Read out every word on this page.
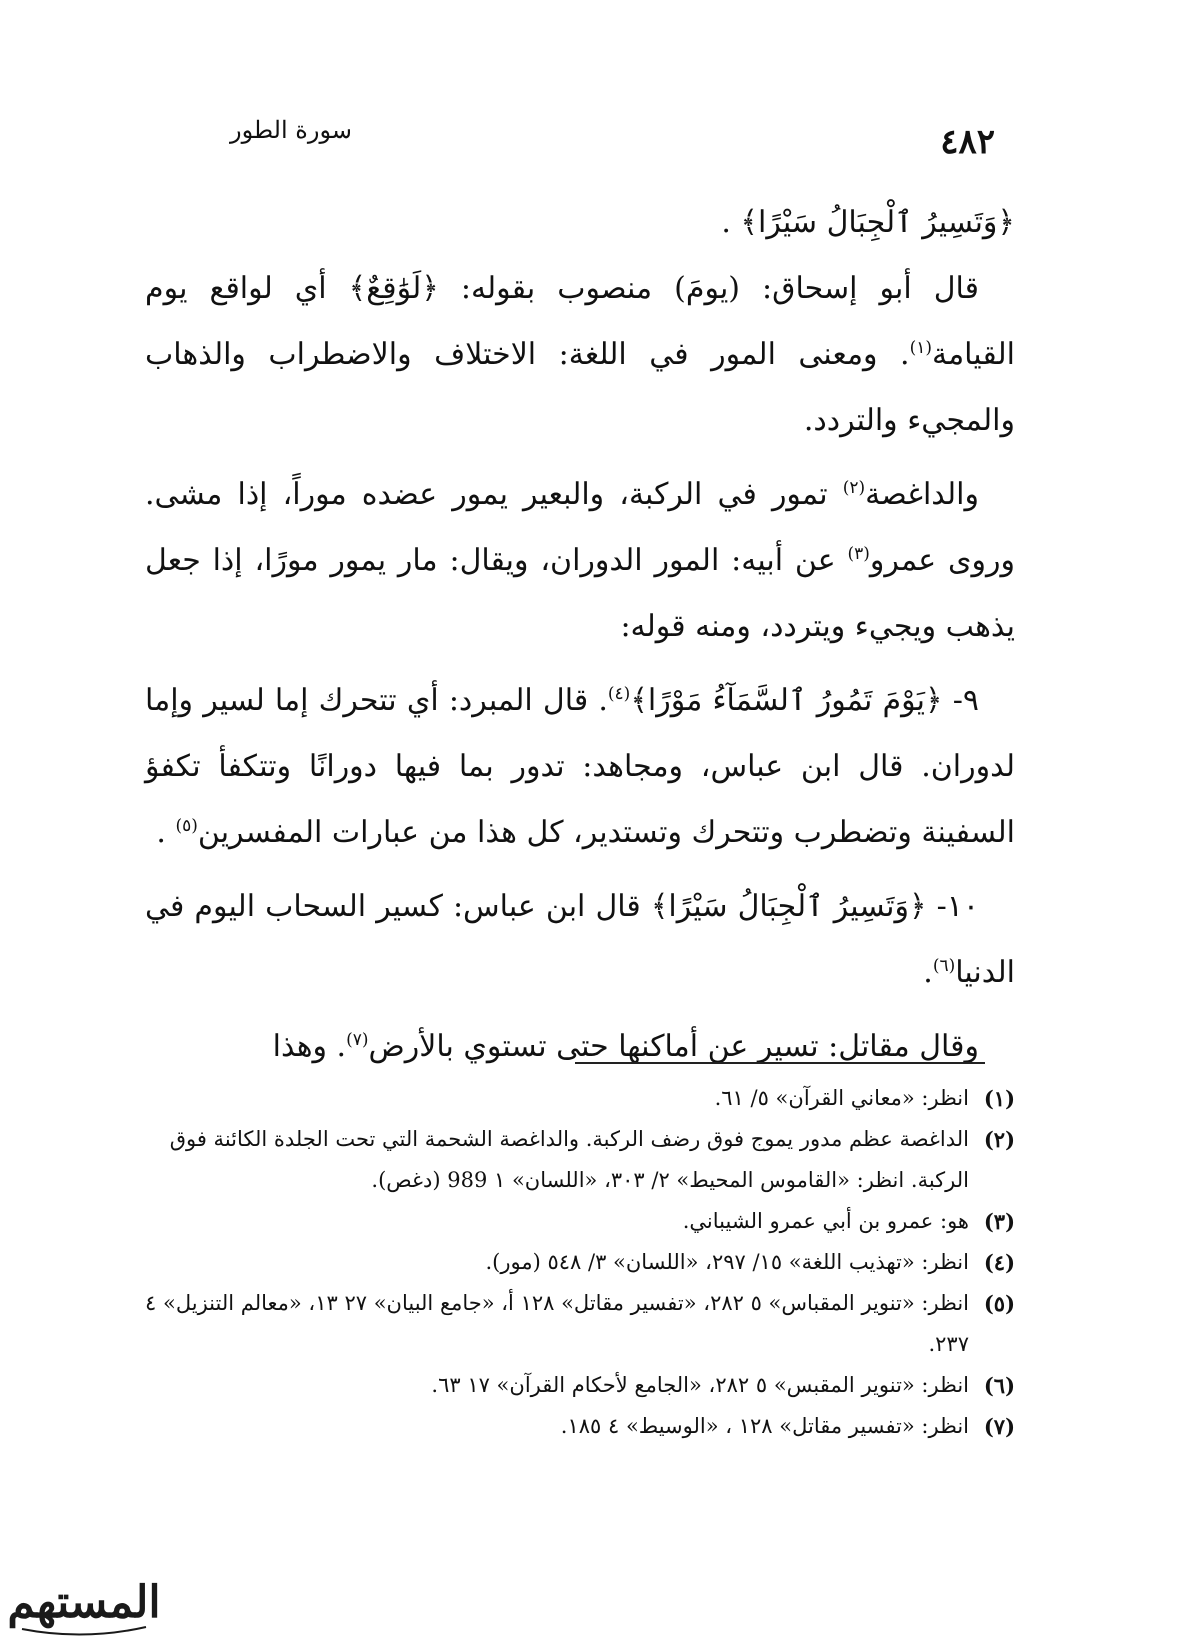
٤٨٢
سورة الطور

﴿وَتَسِيرُ ٱلْجِبَالُ سَيْرًا﴾ .

قال أبو إسحاق: (يومَ) منصوب بقوله: ﴿لَوَٰقِعٌ﴾ أي لواقع يوم القيامة$^{(١)}$. ومعنى المور في اللغة: الاختلاف والاضطراب والذهاب والمجيء والتردد.

والداغصة$^{(٢)}$ تمور في الركبة، والبعير يمور عضده موراً، إذا مشى. وروى عمرو$^{(٣)}$ عن أبيه: المور الدوران، ويقال: مار يمور مورًا، إذا جعل يذهب ويجيء ويتردد، ومنه قوله:

٩- ﴿يَوْمَ تَمُورُ ٱلسَّمَآءُ مَوْرًا﴾$^{(٤)}$. قال المبرد: أي تتحرك إما لسير وإما لدوران. قال ابن عباس، ومجاهد: تدور بما فيها دورانًا وتتكفأ تكفؤ السفينة وتضطرب وتتحرك وتستدير، كل هذا من عبارات المفسرين$^{(٥)}$ .

١٠- ﴿وَتَسِيرُ ٱلْجِبَالُ سَيْرًا﴾ قال ابن عباس: كسير السحاب اليوم في الدنيا$^{(٦)}$.

وقال مقاتل: تسير عن أماكنها حتى تستوي بالأرض$^{(٧)}$. وهذا

(١)
انظر: «معاني القرآن» ٥/ ٦١.
(٢)
الداغصة عظم مدور يموج فوق رضف الركبة. والداغصة الشحمة التي تحت الجلدة الكائنة فوق الركبة. انظر: «القاموس المحيط» ٢/ ٣٠٣، «اللسان» ١ 989 (دغص).
(٣)
هو: عمرو بن أبي عمرو الشيباني.
(٤)
انظر: «تهذيب اللغة» ١٥/ ٢٩٧، «اللسان» ٣/ ٥٤٨ (مور).
(٥)
انظر: «تنوير المقباس» ٥ ٢٨٢، «تفسير مقاتل» ١٢٨ أ، «جامع البيان» ٢٧ ١٣، «معالم التنزيل» ٤ ٢٣٧.
(٦)
انظر: «تنوير المقبس» ٥ ٢٨٢، «الجامع لأحكام القرآن» ١٧ ٦٣.
(٧)
انظر: «تفسير مقاتل» ١٢٨ ، «الوسيط» ٤ ١٨٥.
المستهم
